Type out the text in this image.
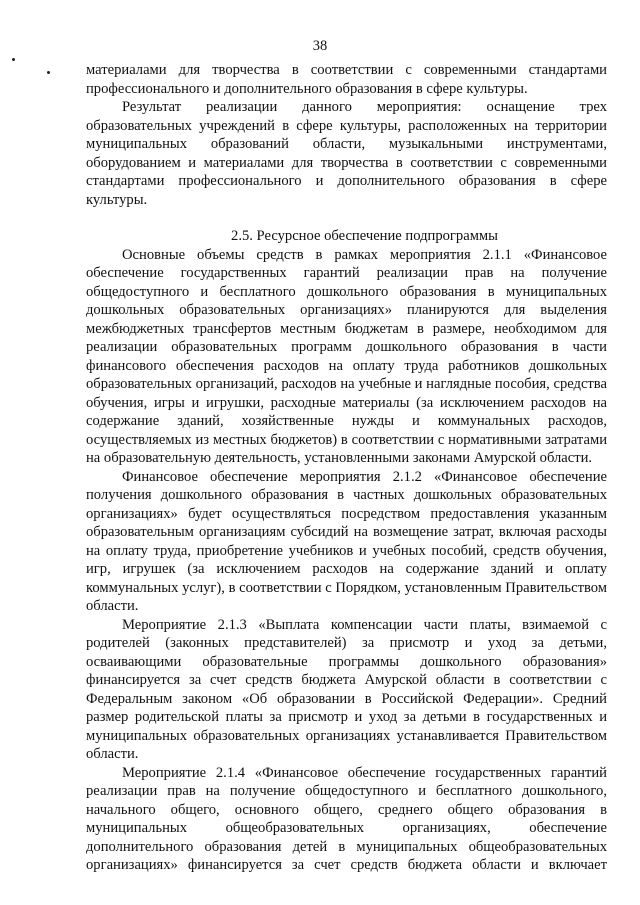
38

материалами для творчества в соответствии с современными стандартами профессионального и дополнительного образования в сфере культуры.

Результат реализации данного мероприятия: оснащение трех образовательных учреждений в сфере культуры, расположенных на территории муниципальных образований области, музыкальными инструментами, оборудованием и материалами для творчества в соответствии с современными стандартами профессионального и дополнительного образования в сфере культуры.

2.5. Ресурсное обеспечение подпрограммы

Основные объемы средств в рамках мероприятия 2.1.1 «Финансовое обеспечение государственных гарантий реализации прав на получение общедоступного и бесплатного дошкольного образования в муниципальных дошкольных образовательных организациях» планируются для выделения межбюджетных трансфертов местным бюджетам в размере, необходимом для реализации образовательных программ дошкольного образования в части финансового обеспечения расходов на оплату труда работников дошкольных образовательных организаций, расходов на учебные и наглядные пособия, средства обучения, игры и игрушки, расходные материалы (за исключением расходов на содержание зданий, хозяйственные нужды и коммунальных расходов, осуществляемых из местных бюджетов) в соответствии с нормативными затратами на образовательную деятельность, установленными законами Амурской области.

Финансовое обеспечение мероприятия 2.1.2 «Финансовое обеспечение получения дошкольного образования в частных дошкольных образовательных организациях» будет осуществляться посредством предоставления указанным образовательным организациям субсидий на возмещение затрат, включая расходы на оплату труда, приобретение учебников и учебных пособий, средств обучения, игр, игрушек (за исключением расходов на содержание зданий и оплату коммунальных услуг), в соответствии с Порядком, установленным Правительством области.

Мероприятие 2.1.3 «Выплата компенсации части платы, взимаемой с родителей (законных представителей) за присмотр и уход за детьми, осваивающими образовательные программы дошкольного образования» финансируется за счет средств бюджета Амурской области в соответствии с Федеральным законом «Об образовании в Российской Федерации». Средний размер родительской платы за присмотр и уход за детьми в государственных и муниципальных образовательных организациях устанавливается Правительством области.

Мероприятие 2.1.4 «Финансовое обеспечение государственных гарантий реализации прав на получение общедоступного и бесплатного дошкольного, начального общего, основного общего, среднего общего образования в муниципальных общеобразовательных организациях, обеспечение дополнительного образования детей в муниципальных общеобразовательных организациях» финансируется за счет средств бюджета области и включает
